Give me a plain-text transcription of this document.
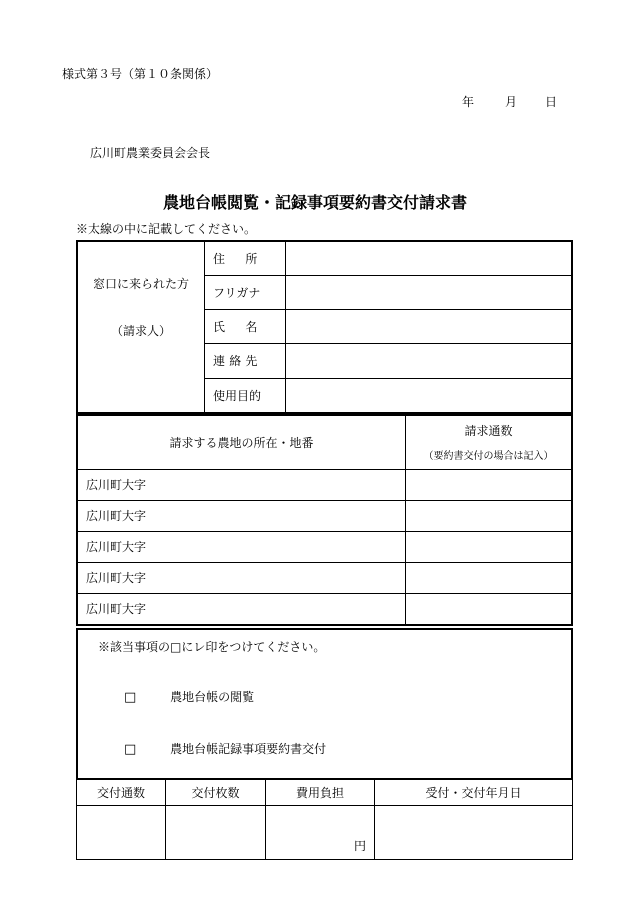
様式第３号（第１０条関係）
年	月 日
広川町農業委員会会長
農地台帳閲覧・記録事項要約書交付請求書
※太線の中に記載してください。
窓口に来られた方
（請求人）	住　所	
	フリガナ	
	氏　名	
	連絡先	
	使用目的	
請求する農地の所在・地番	請求通数
（要約書交付の場合は記入）

広川町大字	
広川町大字	
広川町大字	
広川町大字	
広川町大字	
※該当事項の□にレ印をつけてください。
□	農地台帳の閲覧
□	農地台帳記録事項要約書交付
交付通数	交付枚数	費用負担	受付・交付年月日
		円	
